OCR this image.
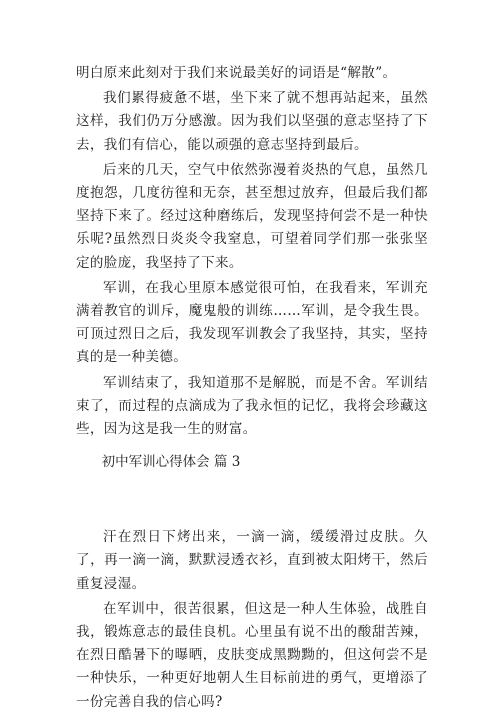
明白原来此刻对于我们来说最美好的词语是“解散”。

我们累得疲惫不堪，坐下来了就不想再站起来，虽然这样，我们仍万分感激。因为我们以坚强的意志坚持了下去，我们有信心，能以顽强的意志坚持到最后。

后来的几天，空气中依然弥漫着炎热的气息，虽然几度抱怨，几度彷徨和无奈，甚至想过放弃，但最后我们都坚持下来了。经过这种磨练后，发现坚持何尝不是一种快乐呢?虽然烈日炎炎令我窒息，可望着同学们那一张张坚定的脸庞，我坚持了下来。

军训，在我心里原本感觉很可怕，在我看来，军训充满着教官的训斥，魔鬼般的训练……军训，是令我生畏。可顶过烈日之后，我发现军训教会了我坚持，其实，坚持真的是一种美德。

军训结束了，我知道那不是解脱，而是不舍。军训结束了，而过程的点滴成为了我永恒的记忆，我将会珍藏这些，因为这是我一生的财富。

初中军训心得体会 篇 3

汗在烈日下烤出来，一滴一滴，缓缓滑过皮肤。久了，再一滴一滴，默默浸透衣衫，直到被太阳烤干，然后重复浸湿。

在军训中，很苦很累，但这是一种人生体验，战胜自我，锻炼意志的最佳良机。心里虽有说不出的酸甜苦辣，在烈日酷暑下的曝晒，皮肤变成黑黝黝的，但这何尝不是一种快乐，一种更好地朝人生目标前进的勇气，更增添了一份完善自我的信心吗?
